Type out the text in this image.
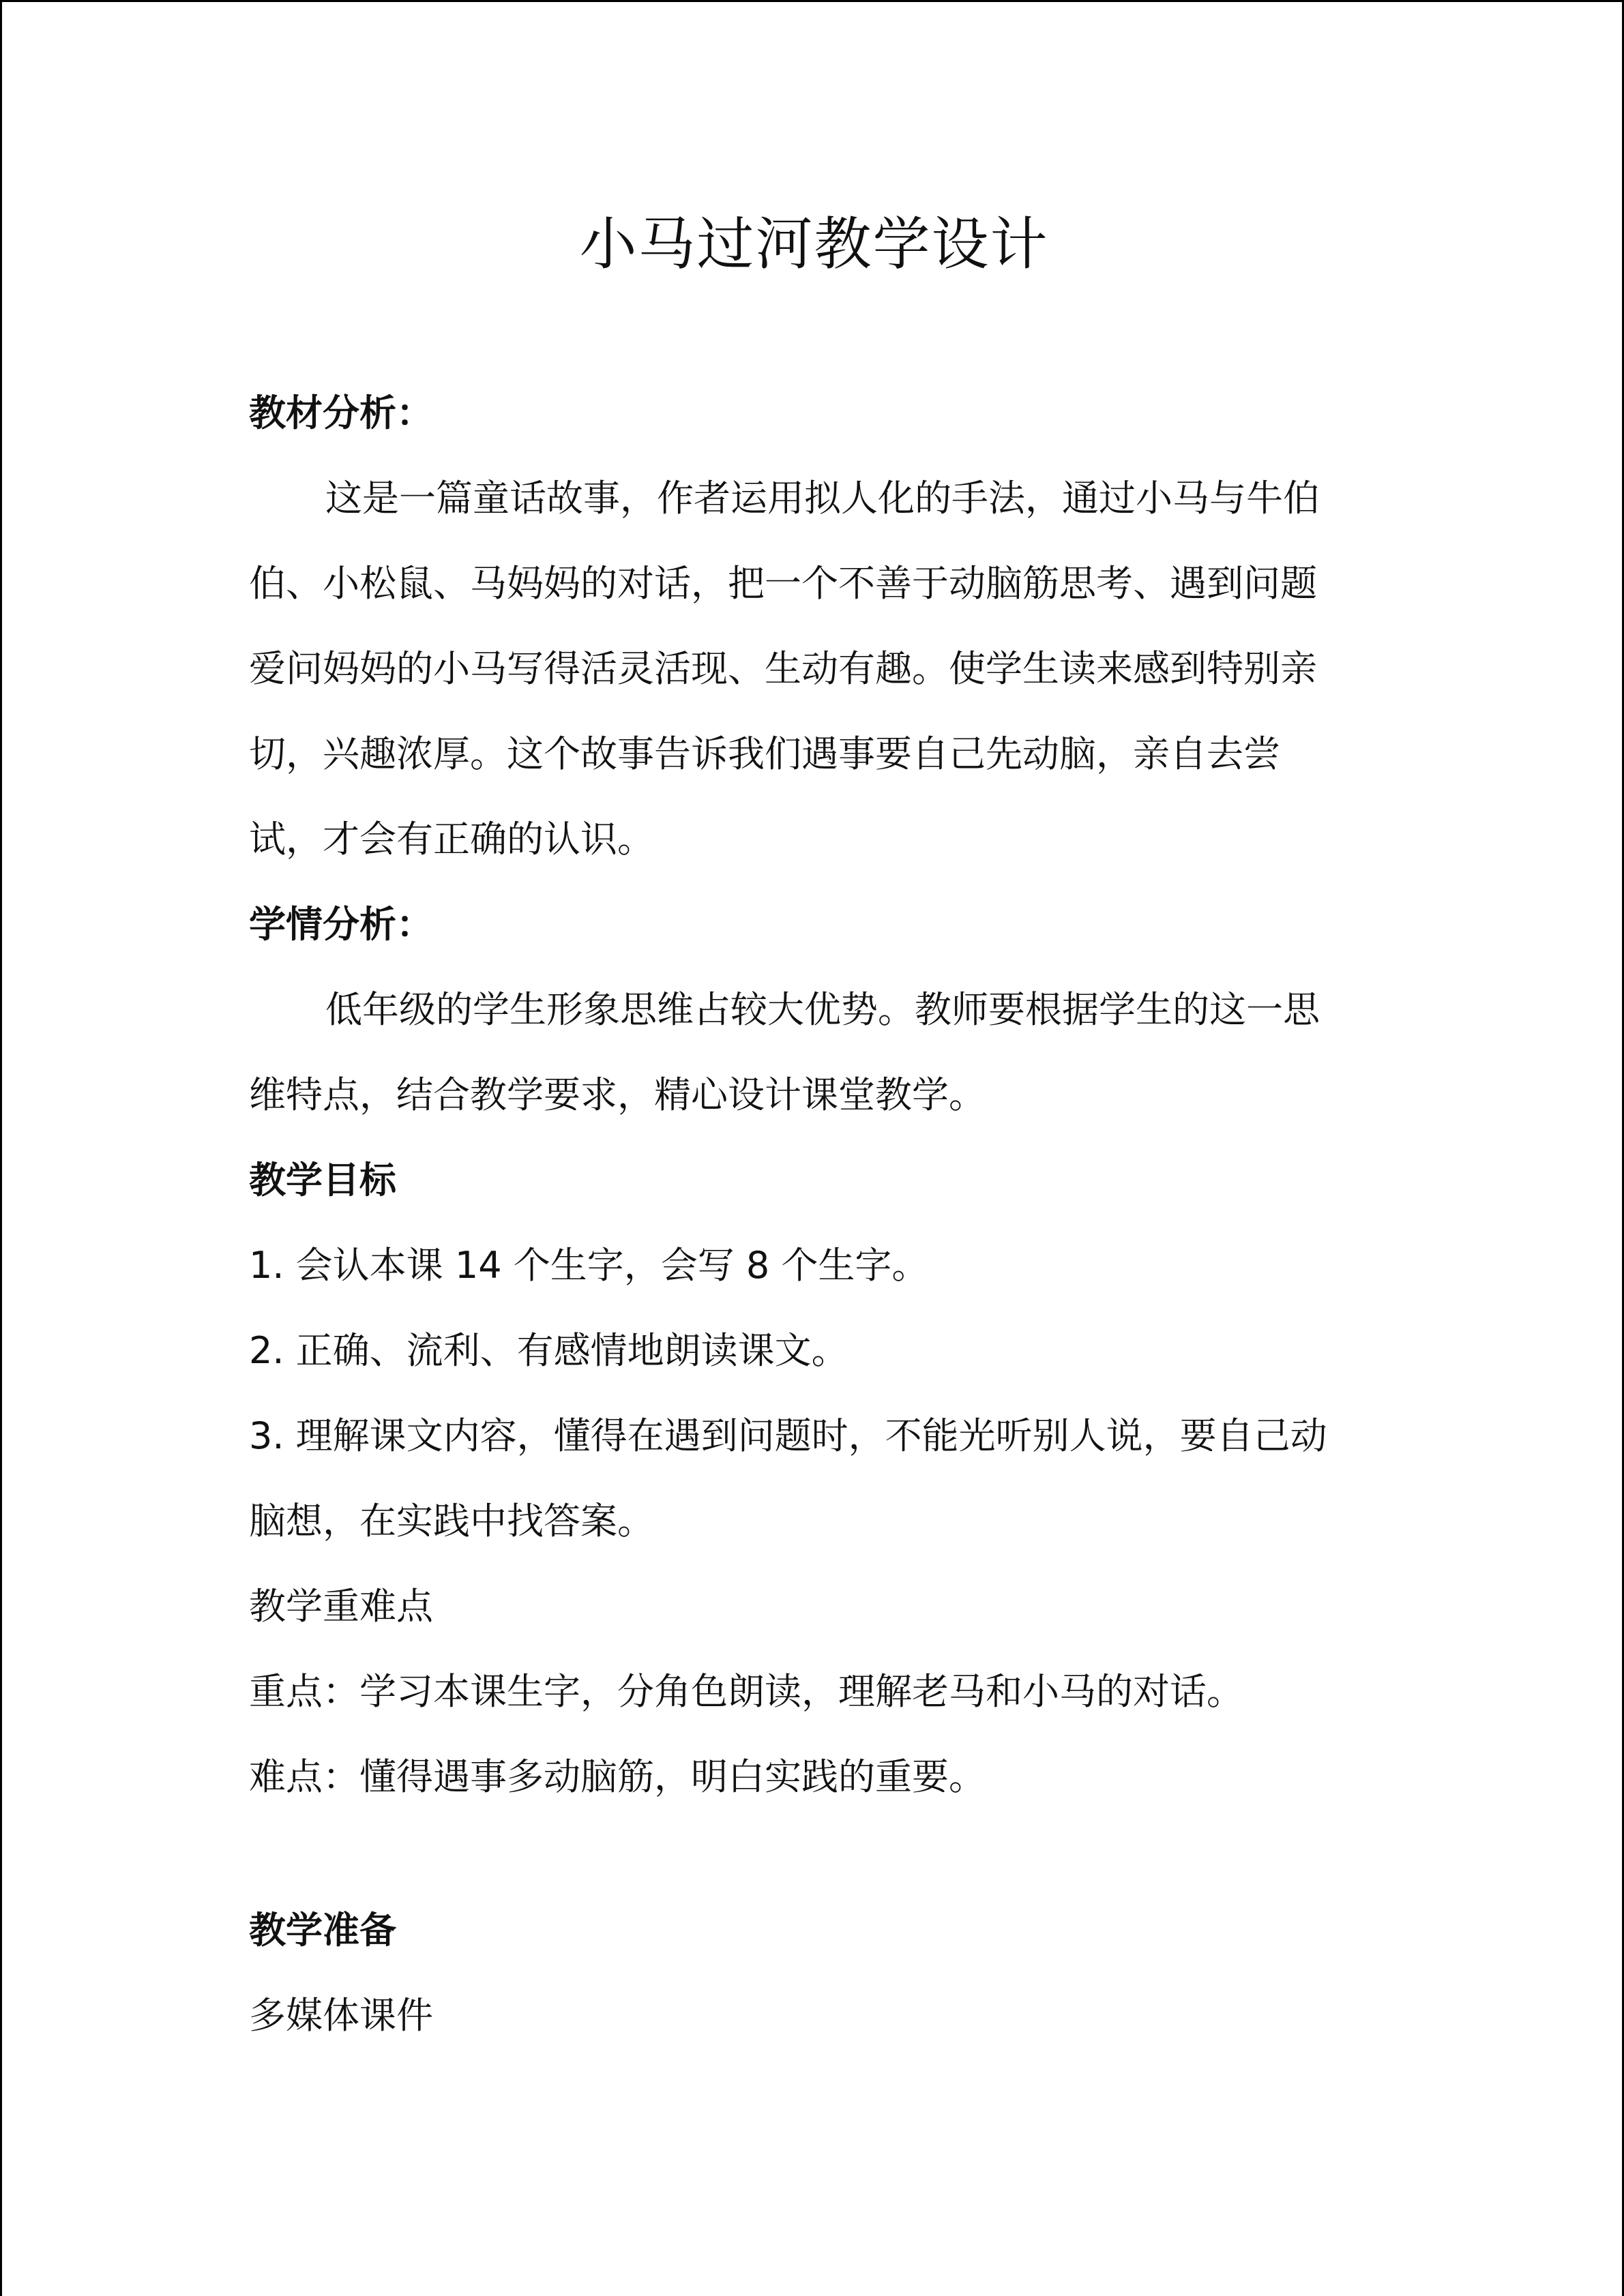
小马过河教学设计
教材分析：
这是一篇童话故事，作者运用拟人化的手法，通过小马与牛伯
伯、小松鼠、马妈妈的对话，把一个不善于动脑筋思考、遇到问题
爱问妈妈的小马写得活灵活现、生动有趣。使学生读来感到特别亲
切，兴趣浓厚。这个故事告诉我们遇事要自己先动脑，亲自去尝
试，才会有正确的认识。
学情分析：
低年级的学生形象思维占较大优势。教师要根据学生的这一思
维特点，结合教学要求，精心设计课堂教学。
教学目标
1. 会认本课 14 个生字，会写 8 个生字。
2. 正确、流利、有感情地朗读课文。
3. 理解课文内容，懂得在遇到问题时，不能光听别人说，要自己动
脑想，在实践中找答案。
教学重难点
重点：学习本课生字，分角色朗读，理解老马和小马的对话。
难点：懂得遇事多动脑筋，明白实践的重要。
教学准备
多媒体课件
